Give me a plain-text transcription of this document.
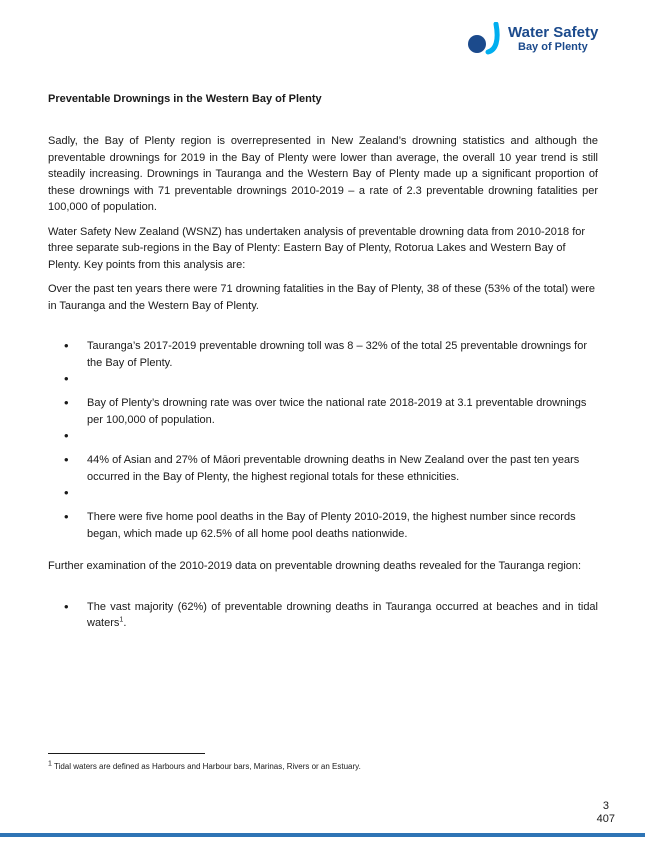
Water Safety
Bay of Plenty
Preventable Drownings in the Western Bay of Plenty

Sadly, the Bay of Plenty region is overrepresented in New Zealand’s drowning statistics and although the preventable drownings for 2019 in the Bay of Plenty were lower than average, the overall 10 year trend is still steadily increasing. Drownings in Tauranga and the Western Bay of Plenty made up a significant proportion of these drownings with 71 preventable drownings 2010-2019 – a rate of 2.3 preventable drowning fatalities per 100,000 of population.

Water Safety New Zealand (WSNZ) has undertaken analysis of preventable drowning data from 2010-2018 for three separate sub-regions in the Bay of Plenty: Eastern Bay of Plenty, Rotorua Lakes and Western Bay of Plenty. Key points from this analysis are:

Over the past ten years there were 71 drowning fatalities in the Bay of Plenty, 38 of these (53% of the total) were in Tauranga and the Western Bay of Plenty.

• Tauranga’s 2017-2019 preventable drowning toll was 8 – 32% of the total 25 preventable drownings for the Bay of Plenty.
•
• Bay of Plenty’s drowning rate was over twice the national rate 2018-2019 at 3.1 preventable drownings per 100,000 of population.
•
• 44% of Asian and 27% of Māori preventable drowning deaths in New Zealand over the past ten years occurred in the Bay of Plenty, the highest regional totals for these ethnicities.
•
• There were five home pool deaths in the Bay of Plenty 2010-2019, the highest number since records began, which made up 62.5% of all home pool deaths nationwide.

Further examination of the 2010-2019 data on preventable drowning deaths revealed for the Tauranga region:

• The vast majority (62%) of preventable drowning deaths in Tauranga occurred at beaches and in tidal waters$^1$.
$^1$ Tidal waters are defined as Harbours and Harbour bars, Marinas, Rivers or an Estuary.
3
407
